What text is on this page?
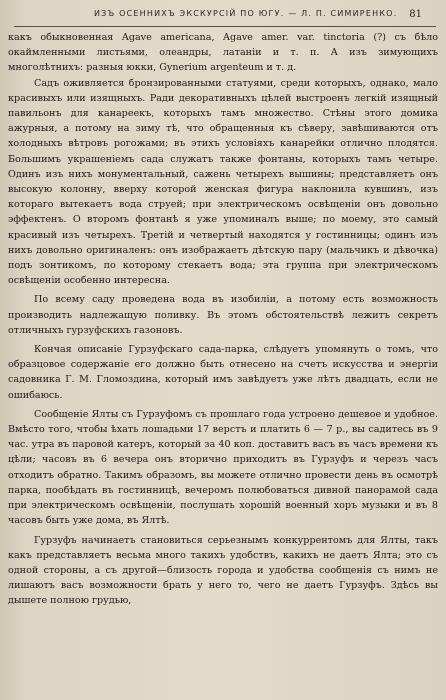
ИЗЪ ОСЕННИХЪ ЭКСКУРСІЙ ПО ЮГУ. — Л. П. СИМИРЕНКО. 81

какъ обыкновенная Agave americana, Agave amer. var. tinctoria (?) съ бѣло окаймленными листьями, олеандры, латаніи и т. п. А изъ зимующихъ многолѣтнихъ: разныя юкки, Gynerium argenteum и т. д.

Садъ оживляется бронзированными статуями, среди которыхъ, однако, мало красивыхъ или изящныхъ. Ради декоративныхъ цѣлей выстроенъ легкій изящный павильонъ для канареекъ, которыхъ тамъ множество. Стѣны этого домика ажурныя, а потому на зиму тѣ, что обращенныя къ сѣверу, завѣшиваются отъ холодныхъ вѣтровъ рогожами; въ этихъ условіяхъ канарейки отлично плодятся. Большимъ украшеніемъ сада служатъ также фонтаны, которыхъ тамъ четыре. Одинъ изъ нихъ монументальный, сажень четырехъ вышины; представляетъ онъ высокую колонну, вверху которой женская фигура наклонила кувшинъ, изъ котораго вытекаетъ вода струей; при электрическомъ освѣщеніи онъ довольно эффектенъ. О второмъ фонтанѣ я уже упоминалъ выше; по моему, это самый красивый изъ четырехъ. Третій и четвертый находятся у гостинницы; одинъ изъ нихъ довольно оригиналенъ: онъ изображаетъ дѣтскую пару (мальчикъ и дѣвочка) подъ зонтикомъ, по которому стекаетъ вода; эта группа при электрическомъ освѣщеніи особенно интересна.

По всему саду проведена вода въ изобиліи, а потому есть возможность производить надлежащую поливку. Въ этомъ обстоятельствѣ лежитъ секретъ отличныхъ гурзуфскихъ газоновъ.

Кончая описаніе Гурзуфскаго сада-парка, слѣдуетъ упомянуть о томъ, что образцовое содержаніе его должно быть отнесено на счетъ искусства и энергіи садовника Г. М. Гломоздина, который имъ завѣдуетъ уже лѣтъ двадцать, если не ошибаюсь.

Сообщеніе Ялты съ Гурзуфомъ съ прошлаго года устроено дешевое и удобное. Вмѣсто того, чтобы ѣхать лошадьми 17 верстъ и платить 6 — 7 р., вы садитесь въ 9 час. утра въ паровой катеръ, который за 40 коп. доставитъ васъ въ часъ времени къ цѣли; часовъ въ 6 вечера онъ вторично приходитъ въ Гурзуфъ и черезъ часъ отходитъ обратно. Такимъ образомъ, вы можете отлично провести день въ осмотрѣ парка, пообѣдать въ гостинницѣ, вечеромъ полюбоваться дивной панорамой сада при электрическомъ освѣщеніи, послушать хорошій военный хоръ музыки и въ 8 часовъ быть уже дома, въ Ялтѣ.

Гурзуфъ начинаетъ становиться серьезнымъ конкуррентомъ для Ялты, такъ какъ представляетъ весьма много такихъ удобствъ, какихъ не даетъ Ялта; это съ одной стороны, а съ другой—близость города и удобства сообщенія съ нимъ не лишаютъ васъ возможности брать у него то, чего не даетъ Гурзуфъ. Здѣсь вы дышете полною грудью,
